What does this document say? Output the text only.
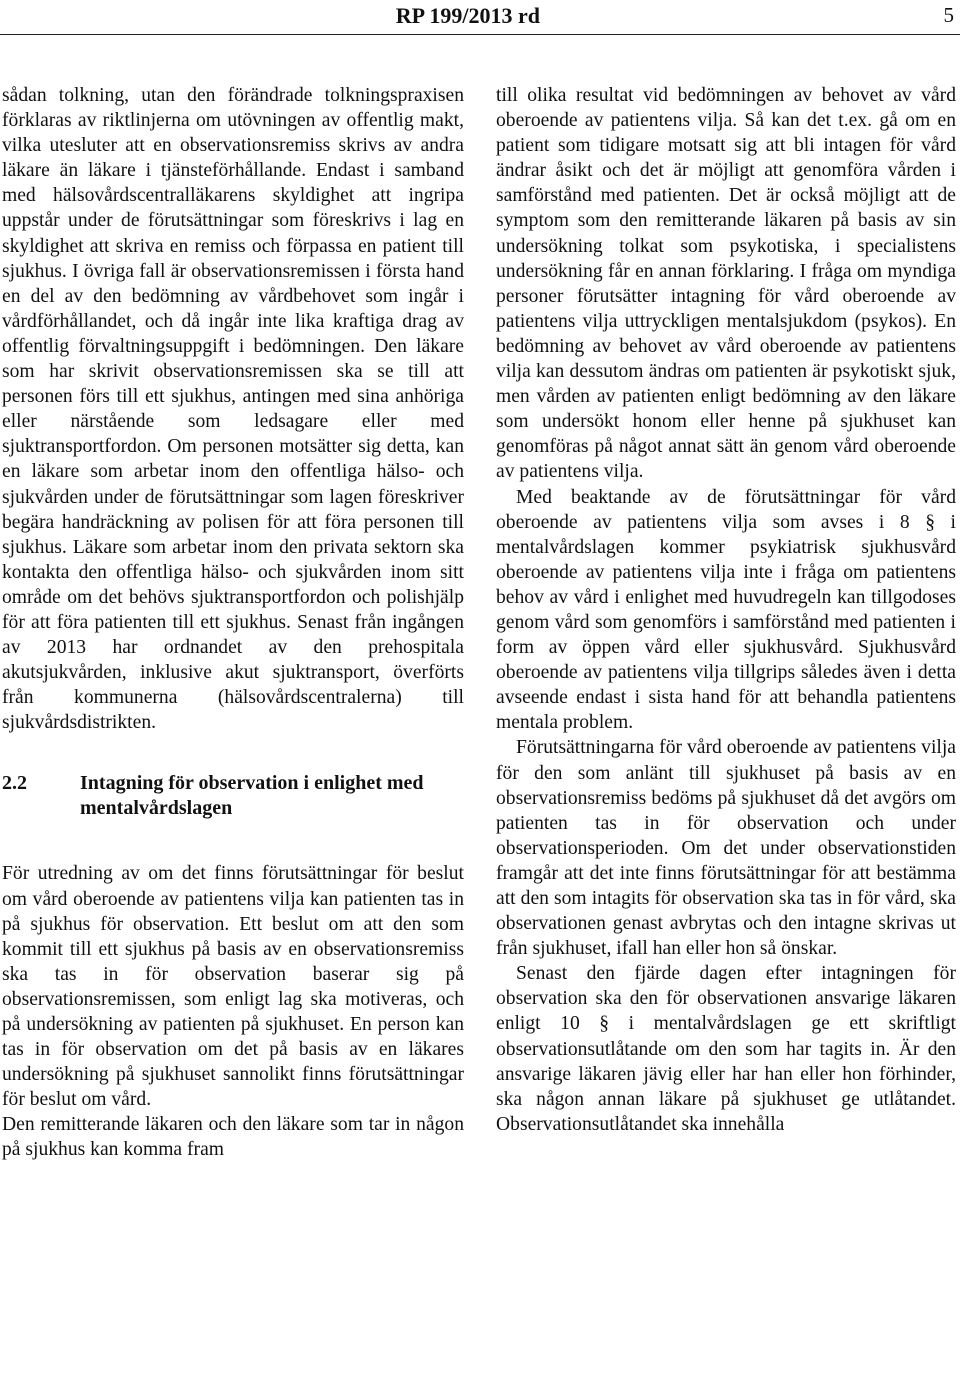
RP 199/2013 rd	5

sådan tolkning, utan den förändrade tolkningspraxisen förklaras av riktlinjerna om utövningen av offentlig makt, vilka utesluter att en observationsremiss skrivs av andra läkare än läkare i tjänsteförhållande. Endast i samband med hälsovårdscentralläkarens skyldighet att ingripa uppstår under de förutsättningar som föreskrivs i lag en skyldighet att skriva en remiss och förpassa en patient till sjukhus. I övriga fall är observationsremissen i första hand en del av den bedömning av vårdbehovet som ingår i vårdförhållandet, och då ingår inte lika kraftiga drag av offentlig förvaltningsuppgift i bedömningen. Den läkare som har skrivit observationsremissen ska se till att personen förs till ett sjukhus, antingen med sina anhöriga eller närstående som ledsagare eller med sjuktransportfordon. Om personen motsätter sig detta, kan en läkare som arbetar inom den offentliga hälso- och sjukvården under de förutsättningar som lagen föreskriver begära handräckning av polisen för att föra personen till sjukhus. Läkare som arbetar inom den privata sektorn ska kontakta den offentliga hälso- och sjukvården inom sitt område om det behövs sjuktransportfordon och polishjälp för att föra patienten till ett sjukhus. Senast från ingången av 2013 har ordnandet av den prehospitala akutsjukvården, inklusive akut sjuktransport, överförts från kommunerna (hälsovårdscentralerna) till sjukvårdsdistrikten.

2.2	Intagning för observation i enlighet med mentalvårdslagen

För utredning av om det finns förutsättningar för beslut om vård oberoende av patientens vilja kan patienten tas in på sjukhus för observation. Ett beslut om att den som kommit till ett sjukhus på basis av en observationsremiss ska tas in för observation baserar sig på observationsremissen, som enligt lag ska motiveras, och på undersökning av patienten på sjukhuset. En person kan tas in för observation om det på basis av en läkares undersökning på sjukhuset sannolikt finns förutsättningar för beslut om vård.

Den remitterande läkaren och den läkare som tar in någon på sjukhus kan komma fram

till olika resultat vid bedömningen av behovet av vård oberoende av patientens vilja. Så kan det t.ex. gå om en patient som tidigare motsatt sig att bli intagen för vård ändrar åsikt och det är möjligt att genomföra vården i samförstånd med patienten. Det är också möjligt att de symptom som den remitterande läkaren på basis av sin undersökning tolkat som psykotiska, i specialistens undersökning får en annan förklaring. I fråga om myndiga personer förutsätter intagning för vård oberoende av patientens vilja uttryckligen mentalsjukdom (psykos). En bedömning av behovet av vård oberoende av patientens vilja kan dessutom ändras om patienten är psykotiskt sjuk, men vården av patienten enligt bedömning av den läkare som undersökt honom eller henne på sjukhuset kan genomföras på något annat sätt än genom vård oberoende av patientens vilja.

Med beaktande av de förutsättningar för vård oberoende av patientens vilja som avses i 8 § i mentalvårdslagen kommer psykiatrisk sjukhusvård oberoende av patientens vilja inte i fråga om patientens behov av vård i enlighet med huvudregeln kan tillgodoses genom vård som genomförs i samförstånd med patienten i form av öppen vård eller sjukhusvård. Sjukhusvård oberoende av patientens vilja tillgrips således även i detta avseende endast i sista hand för att behandla patientens mentala problem.

Förutsättningarna för vård oberoende av patientens vilja för den som anlänt till sjukhuset på basis av en observationsremiss bedöms på sjukhuset då det avgörs om patienten tas in för observation och under observationsperioden. Om det under observationstiden framgår att det inte finns förutsättningar för att bestämma att den som intagits för observation ska tas in för vård, ska observationen genast avbrytas och den intagne skrivas ut från sjukhuset, ifall han eller hon så önskar.

Senast den fjärde dagen efter intagningen för observation ska den för observationen ansvarige läkaren enligt 10 § i mentalvårdslagen ge ett skriftligt observationsutlåtande om den som har tagits in. Är den ansvarige läkaren jävig eller har han eller hon förhinder, ska någon annan läkare på sjukhuset ge utlåtandet. Observationsutlåtandet ska innehålla
